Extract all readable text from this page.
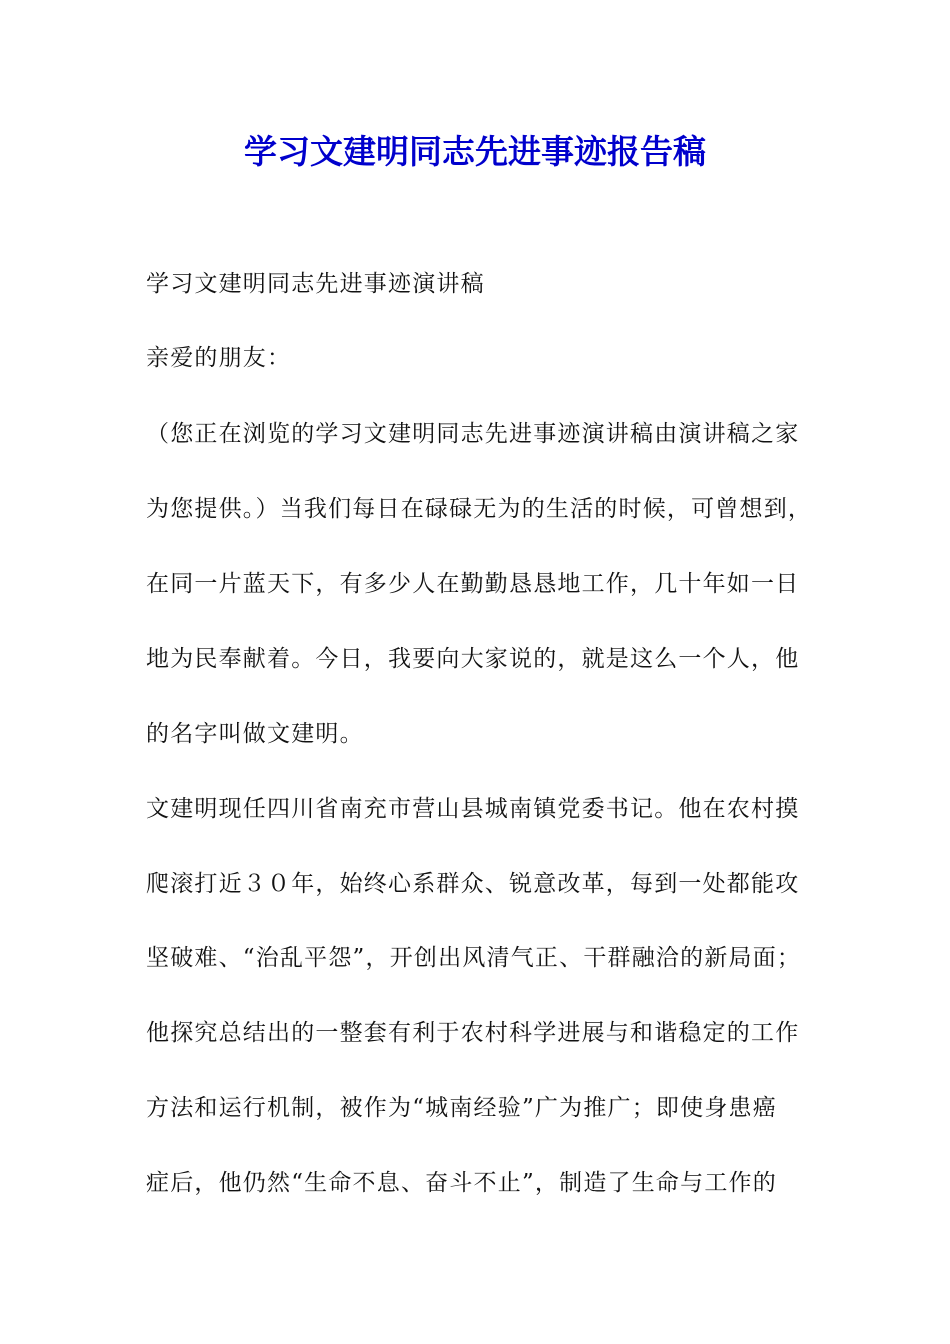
学习文建明同志先进事迹报告稿
学习文建明同志先进事迹演讲稿
亲爱的朋友：
（您正在浏览的学习文建明同志先进事迹演讲稿由演讲稿之家
为您提供。）当我们每日在碌碌无为的生活的时候，可曾想到，
在同一片蓝天下，有多少人在勤勤恳恳地工作，几十年如一日
地为民奉献着。今日，我要向大家说的，就是这么一个人，他
的名字叫做文建明。
文建明现任四川省南充市营山县城南镇党委书记。他在农村摸
爬滚打近３０年，始终心系群众、锐意改革，每到一处都能攻
坚破难、“治乱平怨”，开创出风清气正、干群融洽的新局面；
他探究总结出的一整套有利于农村科学进展与和谐稳定的工作
方法和运行机制，被作为“城南经验”广为推广；即使身患癌
症后，他仍然“生命不息、奋斗不止”，制造了生命与工作的
